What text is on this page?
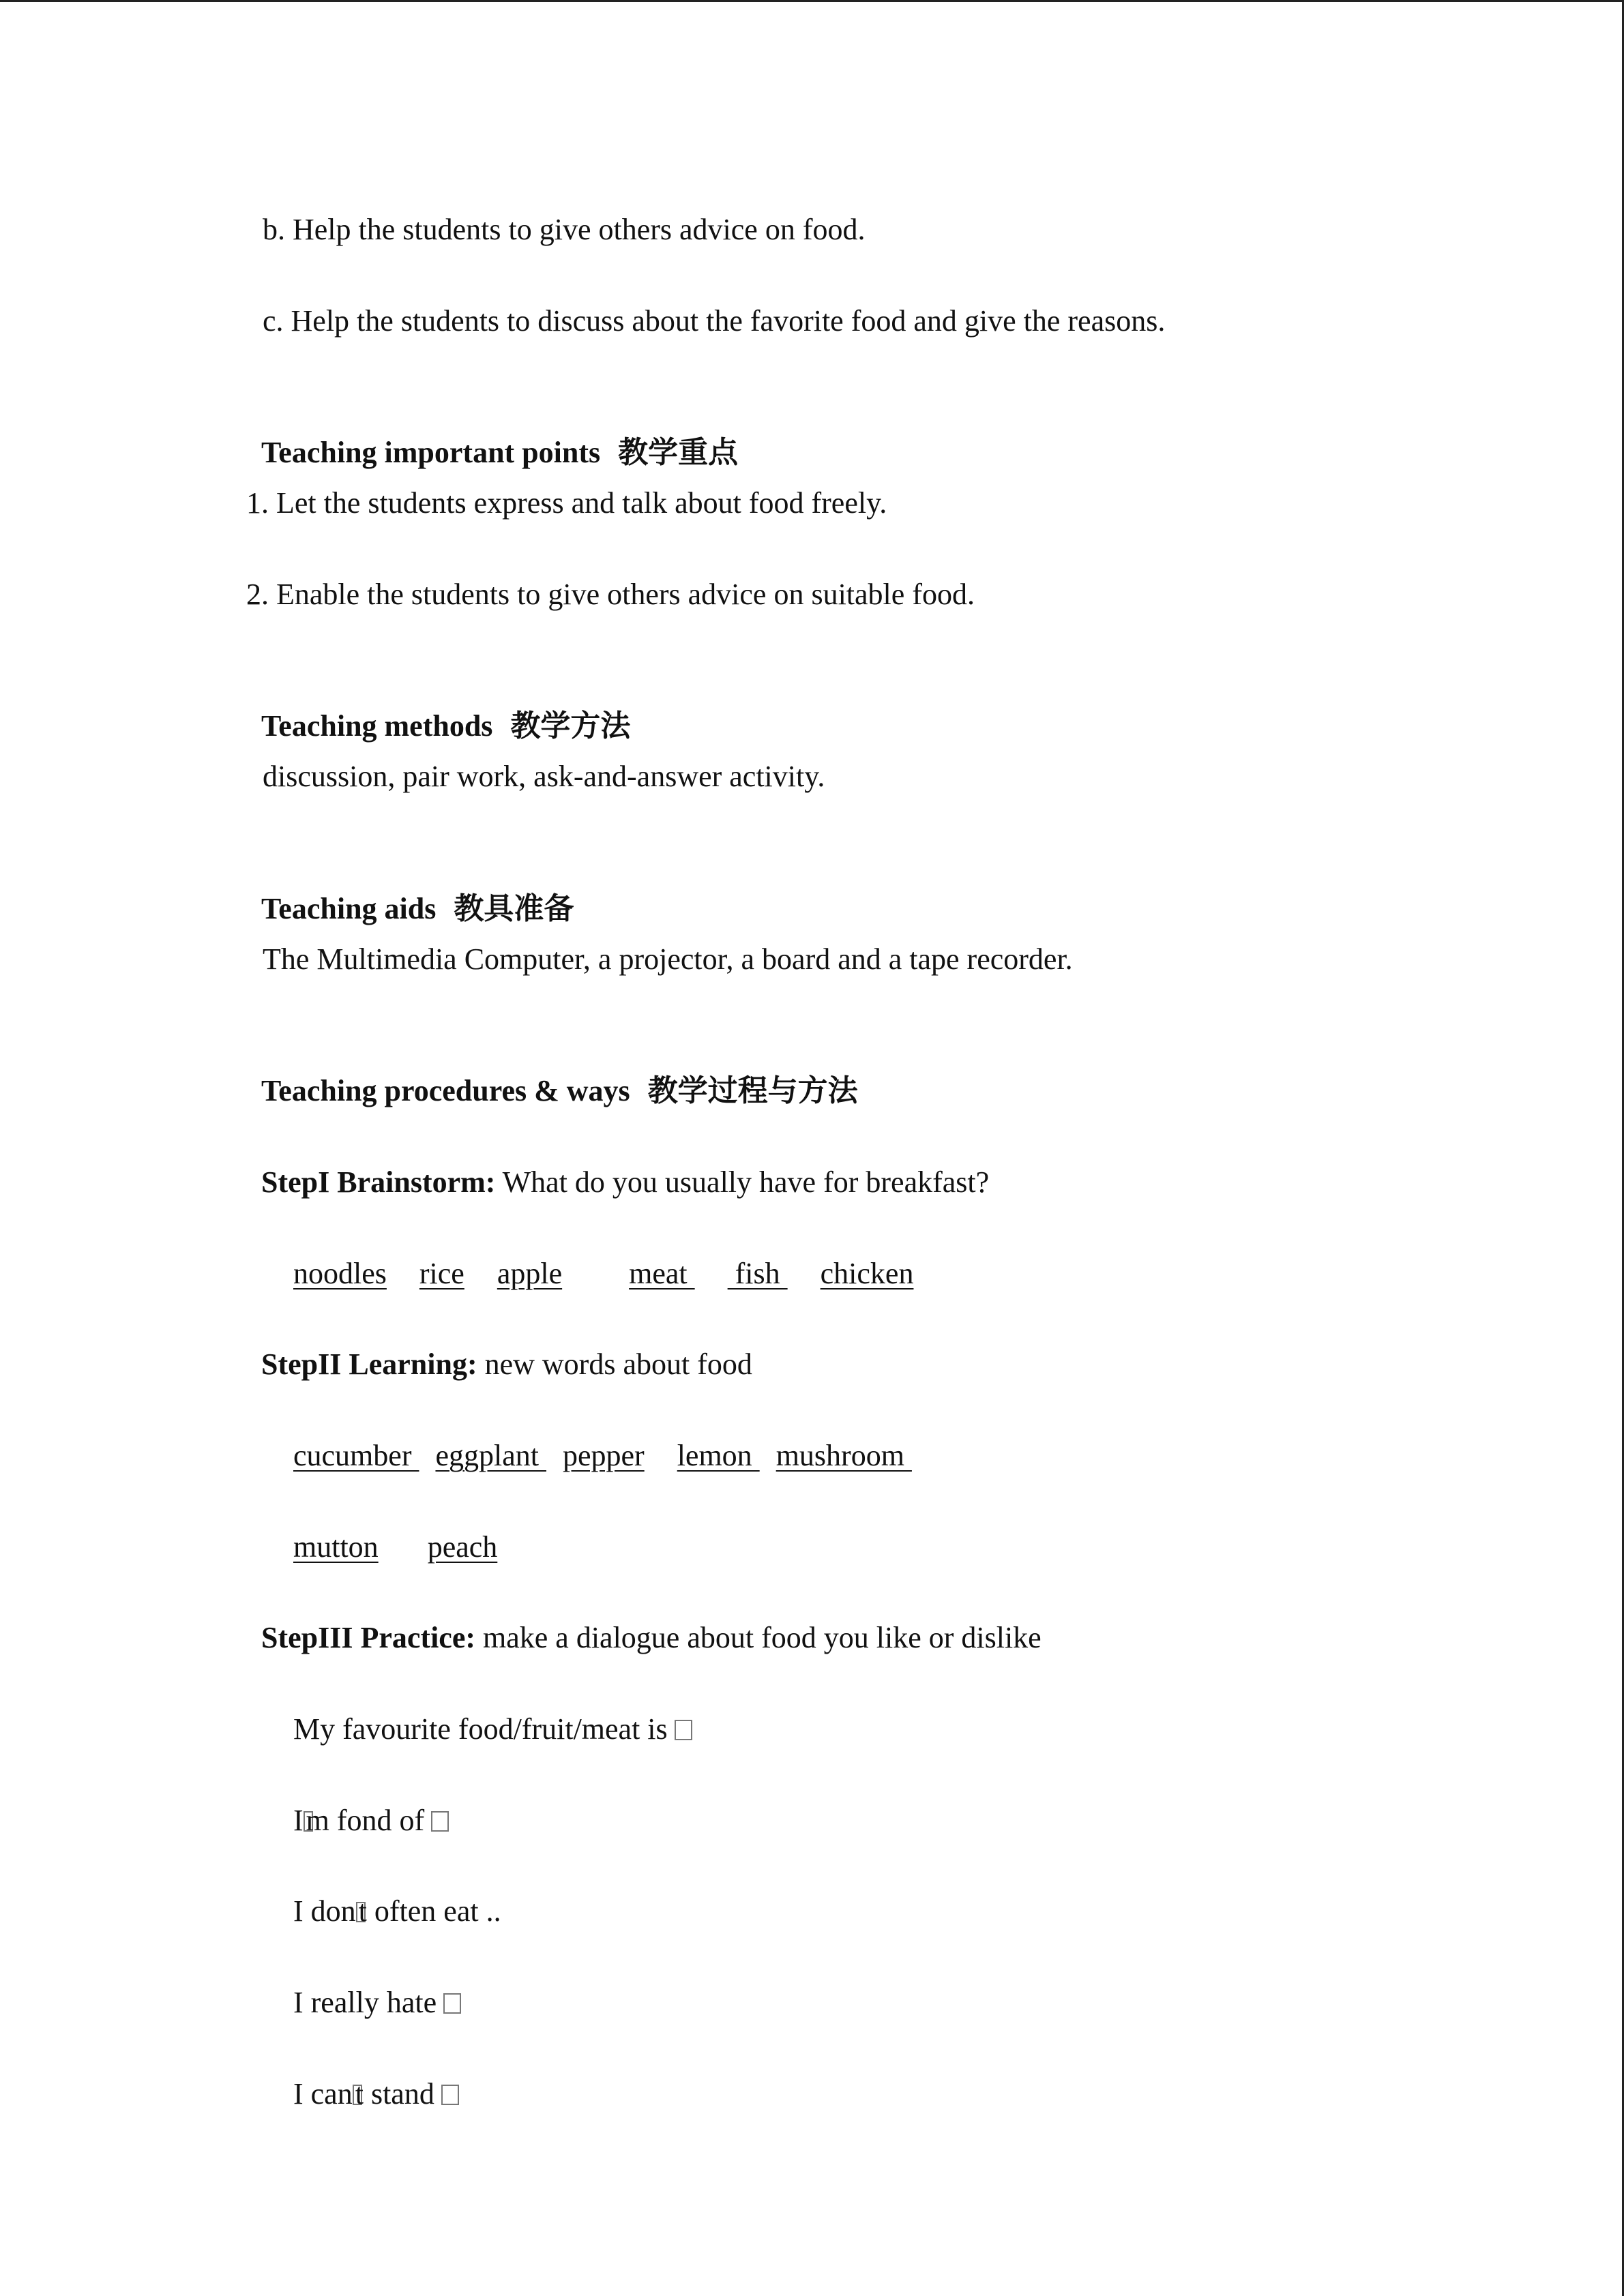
b. Help the students to give others advice on food.
c. Help the students to discuss about the favorite food and give the reasons.

Teaching important points 教学重点

1. Let the students express and talk about food freely.
2. Enable the students to give others advice on suitable food.

Teaching methods 教学方法

discussion, pair work, ask-and-answer activity.

Teaching aids 教具准备

The Multimedia Computer, a projector, a board and a tape recorder.

Teaching procedures & ways 教学过程与方法

StepI Brainstorm: What do you usually have for breakfast?

noodles rice apple meat  fish chicken

StepII Learning: new words about food

cucumber eggplant pepper lemon mushroom

mutton peach

StepIII Practice: make a dialogue about food you like or dislike

My favourite food/fruit/meat is

Im fond of

I dont often eat ..

I really hate

I cant stand
